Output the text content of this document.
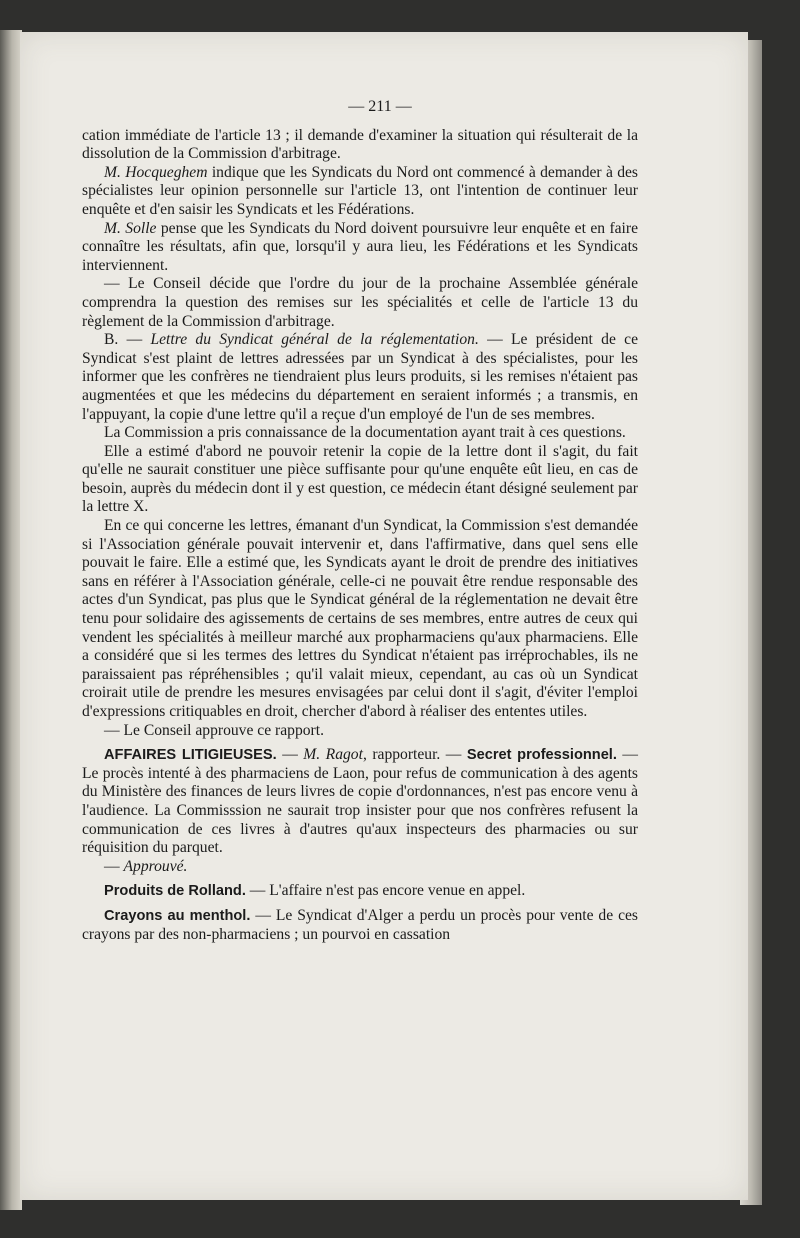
— 211 —

cation immédiate de l'article 13 ; il demande d'examiner la situation qui résulterait de la dissolution de la Commission d'arbitrage.

M. Hocqueghem indique que les Syndicats du Nord ont commencé à demander à des spécialistes leur opinion personnelle sur l'article 13, ont l'intention de continuer leur enquête et d'en saisir les Syndicats et les Fédérations.

M. Solle pense que les Syndicats du Nord doivent poursuivre leur enquête et en faire connaître les résultats, afin que, lorsqu'il y aura lieu, les Fédérations et les Syndicats interviennent.

— Le Conseil décide que l'ordre du jour de la prochaine Assemblée générale comprendra la question des remises sur les spécialités et celle de l'article 13 du règlement de la Commission d'arbitrage.

B. — Lettre du Syndicat général de la réglementation. — Le président de ce Syndicat s'est plaint de lettres adressées par un Syndicat à des spécialistes, pour les informer que les confrères ne tiendraient plus leurs produits, si les remises n'étaient pas augmentées et que les médecins du département en seraient informés ; a transmis, en l'appuyant, la copie d'une lettre qu'il a reçue d'un employé de l'un de ses membres.

La Commission a pris connaissance de la documentation ayant trait à ces questions.

Elle a estimé d'abord ne pouvoir retenir la copie de la lettre dont il s'agit, du fait qu'elle ne saurait constituer une pièce suffisante pour qu'une enquête eût lieu, en cas de besoin, auprès du médecin dont il y est question, ce médecin étant désigné seulement par la lettre X.

En ce qui concerne les lettres, émanant d'un Syndicat, la Commission s'est demandée si l'Association générale pouvait intervenir et, dans l'affirmative, dans quel sens elle pouvait le faire. Elle a estimé que, les Syndicats ayant le droit de prendre des initiatives sans en référer à l'Association générale, celle-ci ne pouvait être rendue responsable des actes d'un Syndicat, pas plus que le Syndicat général de la réglementation ne devait être tenu pour solidaire des agissements de certains de ses membres, entre autres de ceux qui vendent les spécialités à meilleur marché aux propharmaciens qu'aux pharmaciens. Elle a considéré que si les termes des lettres du Syndicat n'étaient pas irréprochables, ils ne paraissaient pas répréhensibles ; qu'il valait mieux, cependant, au cas où un Syndicat croirait utile de prendre les mesures envisagées par celui dont il s'agit, d'éviter l'emploi d'expressions critiquables en droit, chercher d'abord à réaliser des ententes utiles.

— Le Conseil approuve ce rapport.

AFFAIRES LITIGIEUSES. — M. Ragot, rapporteur. — Secret professionnel. — Le procès intenté à des pharmaciens de Laon, pour refus de communication à des agents du Ministère des finances de leurs livres de copie d'ordonnances, n'est pas encore venu à l'audience. La Commisssion ne saurait trop insister pour que nos confrères refusent la communication de ces livres à d'autres qu'aux inspecteurs des pharmacies ou sur réquisition du parquet.

— Approuvé.

Produits de Rolland. — L'affaire n'est pas encore venue en appel.

Crayons au menthol. — Le Syndicat d'Alger a perdu un procès pour vente de ces crayons par des non-pharmaciens ; un pourvoi en cassation
